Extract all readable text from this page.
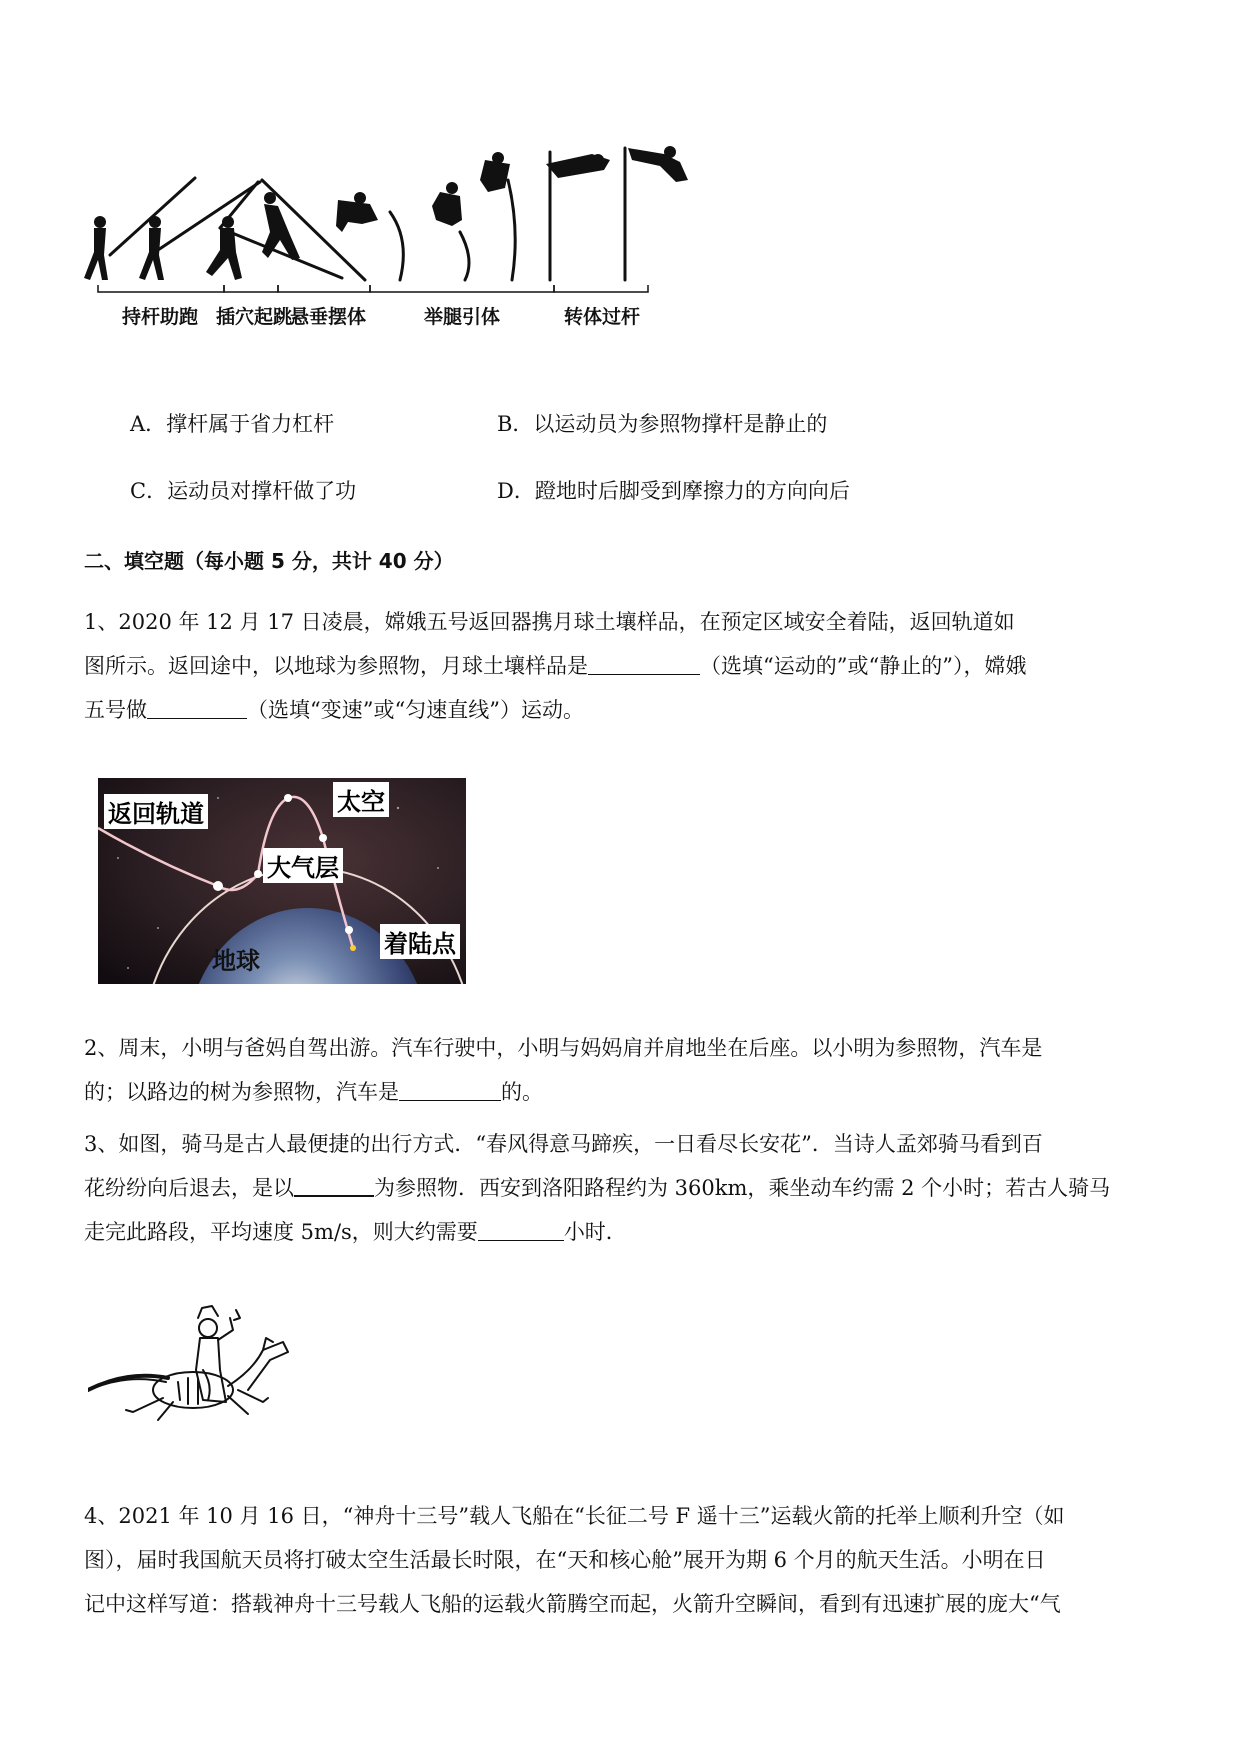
持杆助跑 插穴起跳
悬垂摆体	举腿引体	转体过杆
A．撑杆属于省力杠杆	B．以运动员为参照物撑杆是静止的
C．运动员对撑杆做了功	D．蹬地时后脚受到摩擦力的方向向后
二、填空题（每小题 5 分，共计 40 分）
1、2020 年 12 月 17 日凌晨，嫦娥五号返回器携月球土壤样品，在预定区域安全着陆，返回轨道如
图所示。返回途中，以地球为参照物，月球土壤样品是	（选填“运动的”或“静止的”），嫦娥
五号做	（选填“变速”或“匀速直线”）运动。
返回轨道	太空
大气层
地球
着陆点
2、周末，小明与爸妈自驾出游。汽车行驶中，小明与妈妈肩并肩地坐在后座。以小明为参照物，汽车是
的；以路边的树为参照物，汽车是	的。
3、如图，骑马是古人最便捷的出行方式．“春风得意马蹄疾，一日看尽长安花”．当诗人孟郊骑马看到百
花纷纷向后退去，是以	为参照物．西安到洛阳路程约为 360km，乘坐动车约需 2 个小时；若古人骑马
走完此路段，平均速度 5m/s，则大约需要	小时．
4、2021 年 10 月 16 日，“神舟十三号”载人飞船在“长征二号 F 遥十三”运载火箭的托举上顺利升空（如
图），届时我国航天员将打破太空生活最长时限，在“天和核心舱”展开为期 6 个月的航天生活。小明在日
记中这样写道：搭载神舟十三号载人飞船的运载火箭腾空而起，火箭升空瞬间，看到有迅速扩展的庞大“气
